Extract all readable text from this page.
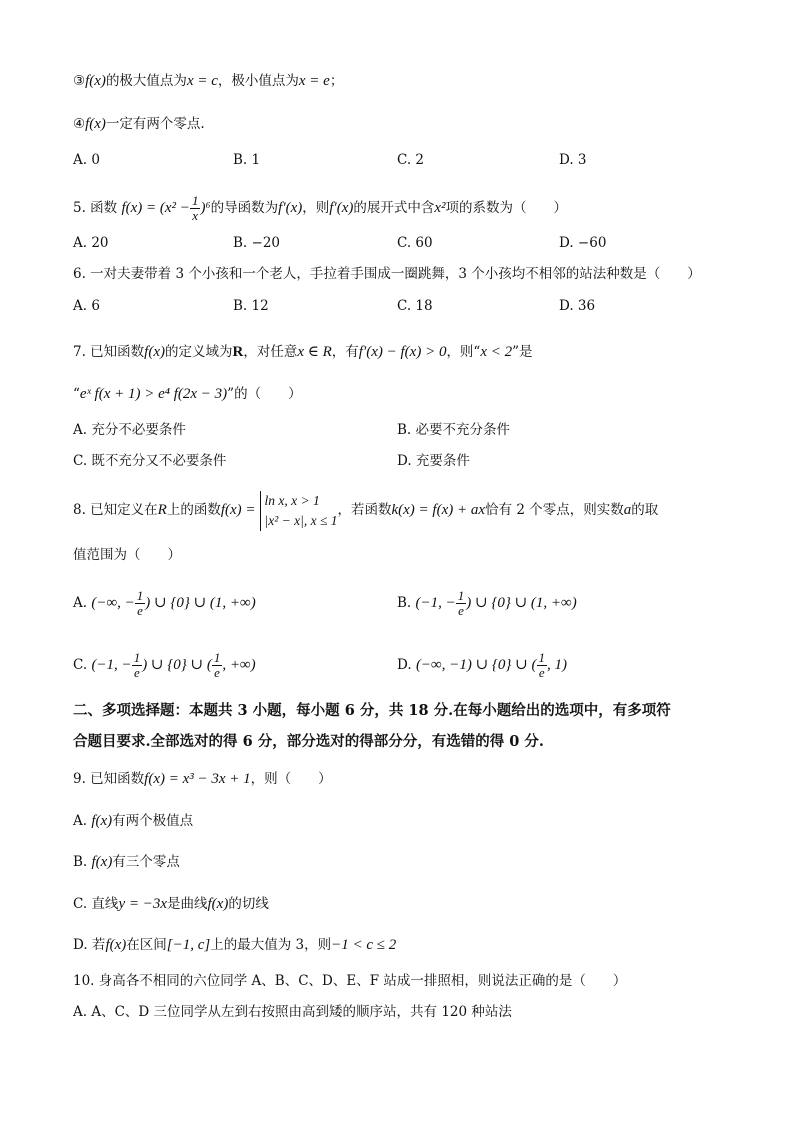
③f(x)的极大值点为x = c，极小值点为x = e；
④f(x)一定有两个零点.
A. 0	B. 1	C. 2	D. 3
5. 函数 $f(x) = (x^2 - \frac{1}{x} )^6$的导函数为f′(x)，则f′(x)的展开式中含x²项的系数为（　　）
A. 20	B. −20	C. 60	D. −60
6. 一对夫妻带着 3 个小孩和一个老人，手拉着手围成一圈跳舞，3 个小孩均不相邻的站法种数是（　　）
A. 6	B. 12	C. 18	D. 36
7. 已知函数f(x)的定义域为R，对任意x ∈ R，有f′(x) − f(x) > 0，则“x < 2”是
“eˣ f(x + 1) > e⁴ f(2x − 3)”的（　　）
A. 充分不必要条件	B. 必要不充分条件
C. 既不充分又不必要条件	D. 充要条件
8. 已知定义在R上的函数f(x) =
ln x, x > 1
|x² − x|, x ≤ 1
，若函数k(x) = f(x) + ax恰有 2 个零点，则实数a的取
值范围为（　　）
A. (−∞, − $\frac{1}{e}$ ) ∪ {0} ∪ (1, +∞)	B. (−1, − $\frac{1}{e}$ ) ∪ {0} ∪ (1, +∞)
C. (−1, − $\frac{1}{e}$ ) ∪ {0} ∪ ( $\frac{1}{e}$ , +∞)	D. (−∞, −1) ∪ {0} ∪ ( $\frac{1}{e}$ , 1)
二、多项选择题：本题共 3 小题，每小题 6 分，共 18 分.在每小题给出的选项中，有多项符
合题目要求.全部选对的得 6 分，部分选对的得部分分，有选错的得 0 分.
9. 已知函数f(x) = x³ − 3x + 1，则（　　）
A. f(x)有两个极值点
B. f(x)有三个零点
C. 直线y = −3x是曲线f(x)的切线
D. 若f(x)在区间[−1, c]上的最大值为 3，则−1 < c ≤ 2
10. 身高各不相同的六位同学 A、B、C、D、E、F 站成一排照相，则说法正确的是（　　）
A. A、C、D 三位同学从左到右按照由高到矮的顺序站，共有 120 种站法
